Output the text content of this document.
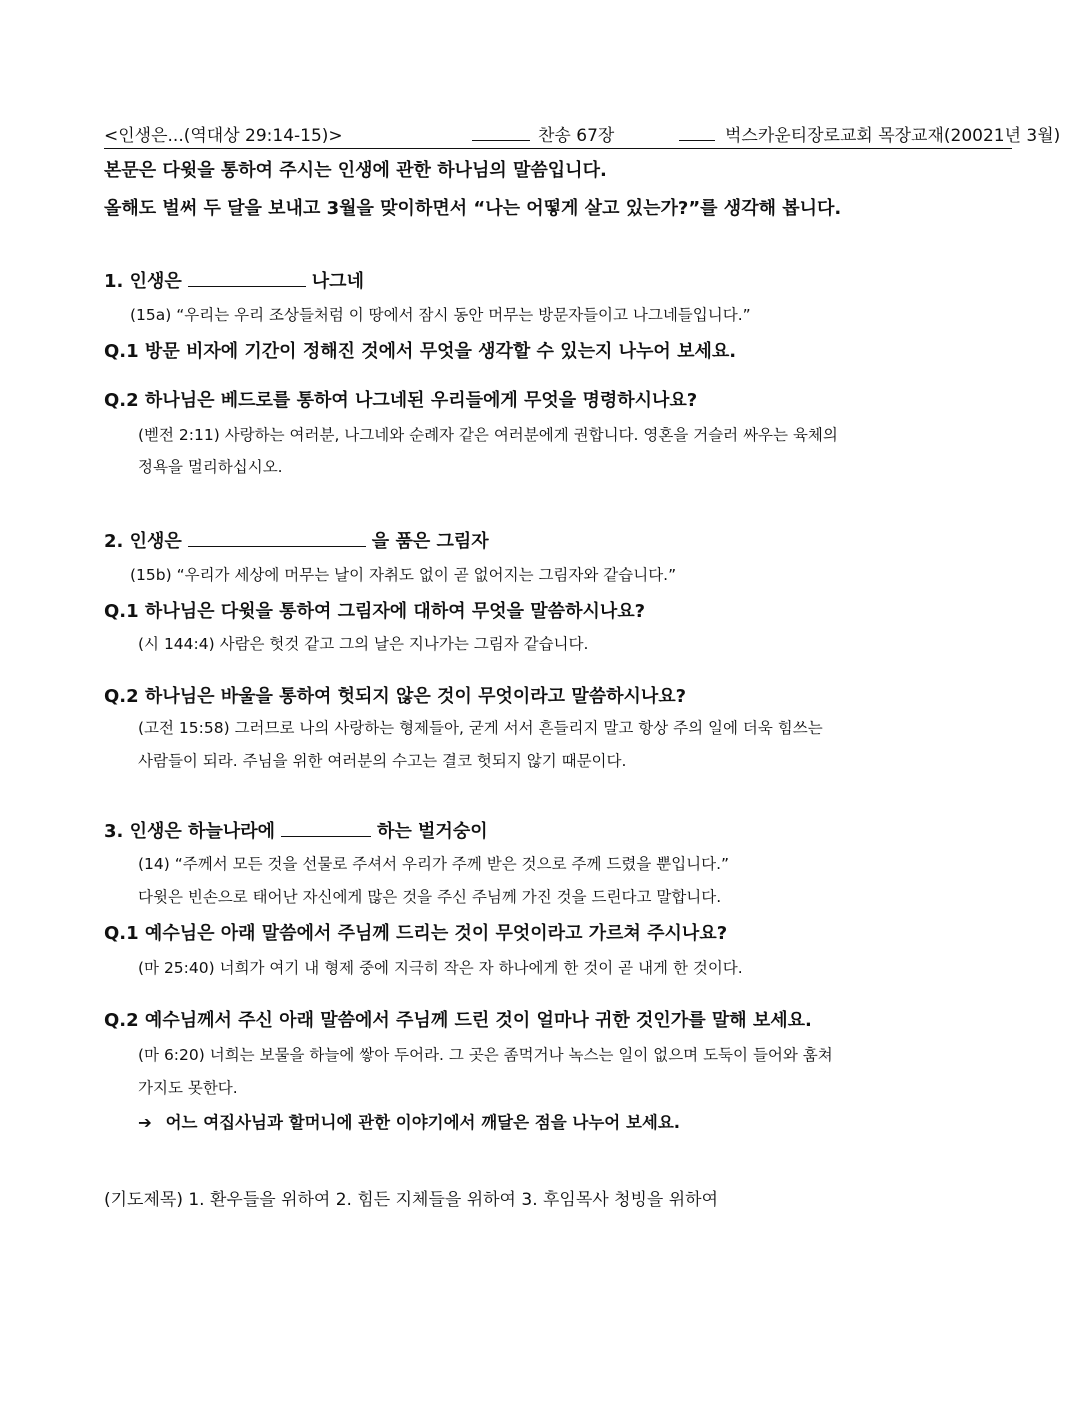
<인생은...(역대상 29:14-15)>	찬송 67장	벅스카운티장로교회 목장교재(20021년 3월)
본문은 다윗을 통하여 주시는 인생에 관한 하나님의 말씀입니다.
올해도 벌써 두 달을 보내고 3월을 맞이하면서 “나는 어떻게 살고 있는가?”를 생각해 봅니다.
1. 인생은	나그네
(15a) “우리는 우리 조상들처럼 이 땅에서 잠시 동안 머무는 방문자들이고 나그네들입니다.”
Q.1 방문 비자에 기간이 정해진 것에서 무엇을 생각할 수 있는지 나누어 보세요.
Q.2 하나님은 베드로를 통하여 나그네된 우리들에게 무엇을 명령하시나요?
(벧전 2:11) 사랑하는 여러분, 나그네와 순례자 같은 여러분에게 권합니다. 영혼을 거슬러 싸우는 육체의
정욕을 멀리하십시오.
2. 인생은	을 품은 그림자
(15b) “우리가 세상에 머무는 날이 자취도 없이 곧 없어지는 그림자와 같습니다.”
Q.1 하나님은 다윗을 통하여 그림자에 대하여 무엇을 말씀하시나요?
(시 144:4) 사람은 헛것 같고 그의 날은 지나가는 그림자 같습니다.
Q.2 하나님은 바울을 통하여 헛되지 않은 것이 무엇이라고 말씀하시나요?
(고전 15:58) 그러므로 나의 사랑하는 형제들아, 굳게 서서 흔들리지 말고 항상 주의 일에 더욱 힘쓰는
사람들이 되라. 주님을 위한 여러분의 수고는 결코 헛되지 않기 때문이다.
3. 인생은 하늘나라에	하는 벌거숭이
(14) “주께서 모든 것을 선물로 주셔서 우리가 주께 받은 것으로 주께 드렸을 뿐입니다.”
다윗은 빈손으로 태어난 자신에게 많은 것을 주신 주님께 가진 것을 드린다고 말합니다.
Q.1 예수님은 아래 말씀에서 주님께 드리는 것이 무엇이라고 가르쳐 주시나요?
(마 25:40) 너희가 여기 내 형제 중에 지극히 작은 자 하나에게 한 것이 곧 내게 한 것이다.
Q.2 예수님께서 주신 아래 말씀에서 주님께 드린 것이 얼마나 귀한 것인가를 말해 보세요.
(마 6:20) 너희는 보물을 하늘에 쌓아 두어라. 그 곳은 좀먹거나 녹스는 일이 없으며 도둑이 들어와 훔쳐
가지도 못한다.
➔ 어느 여집사님과 할머니에 관한 이야기에서 깨달은 점을 나누어 보세요.
(기도제목) 1. 환우들을 위하여 2. 힘든 지체들을 위하여 3. 후임목사 청빙을 위하여
